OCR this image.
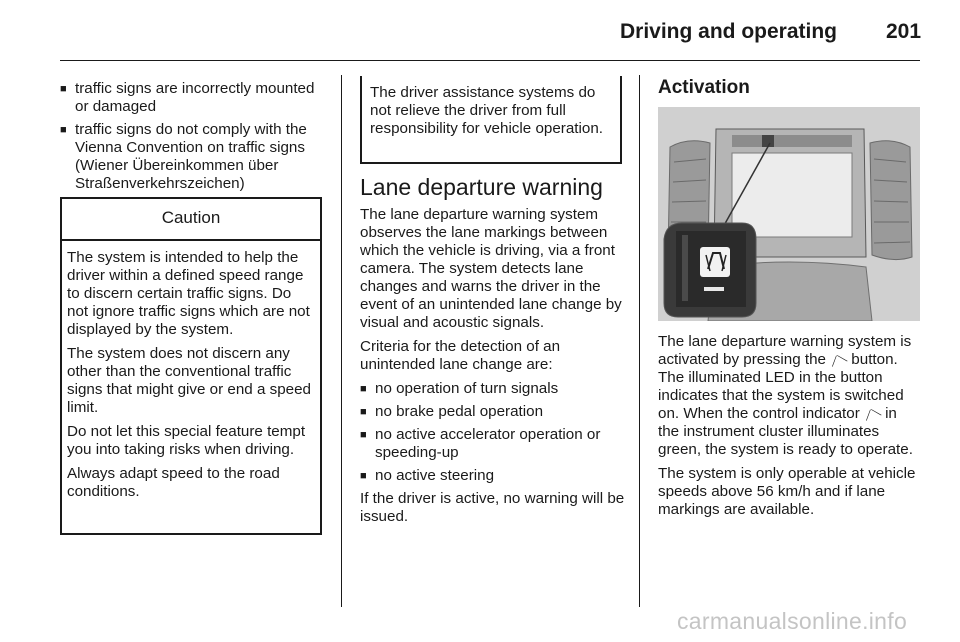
Driving and operating 201
■ traffic signs are incorrectly mounted or damaged
■ traffic signs do not comply with the Vienna Convention on traffic signs (Wiener Übereinkommen über Straßenverkehrszeichen)
Caution

The system is intended to help the driver within a defined speed range to discern certain traffic signs. Do not ignore traffic signs which are not displayed by the system.

The system does not discern any other than the conventional traffic signs that might give or end a speed limit.

Do not let this special feature tempt you into taking risks when driving.

Always adapt speed to the road conditions.

The driver assistance systems do not relieve the driver from full responsibility for vehicle operation.
Lane departure warning

The lane departure warning system observes the lane markings between which the vehicle is driving, via a front camera. The system detects lane changes and warns the driver in the event of an unintended lane change by visual and acoustic signals.

Criteria for the detection of an unintended lane change are:

■ no operation of turn signals
■ no brake pedal operation
■ no active accelerator operation or speeding-up
■ no active steering

If the driver is active, no warning will be issued.

Activation

The lane departure warning system is activated by pressing the ⟋⟍ button. The illuminated LED in the button indicates that the system is switched on. When the control indicator ⟋⟍ in the instrument cluster illuminates green, the system is ready to operate.

The system is only operable at vehicle speeds above 56 km/h and if lane markings are available.

carmanualsonline.info
